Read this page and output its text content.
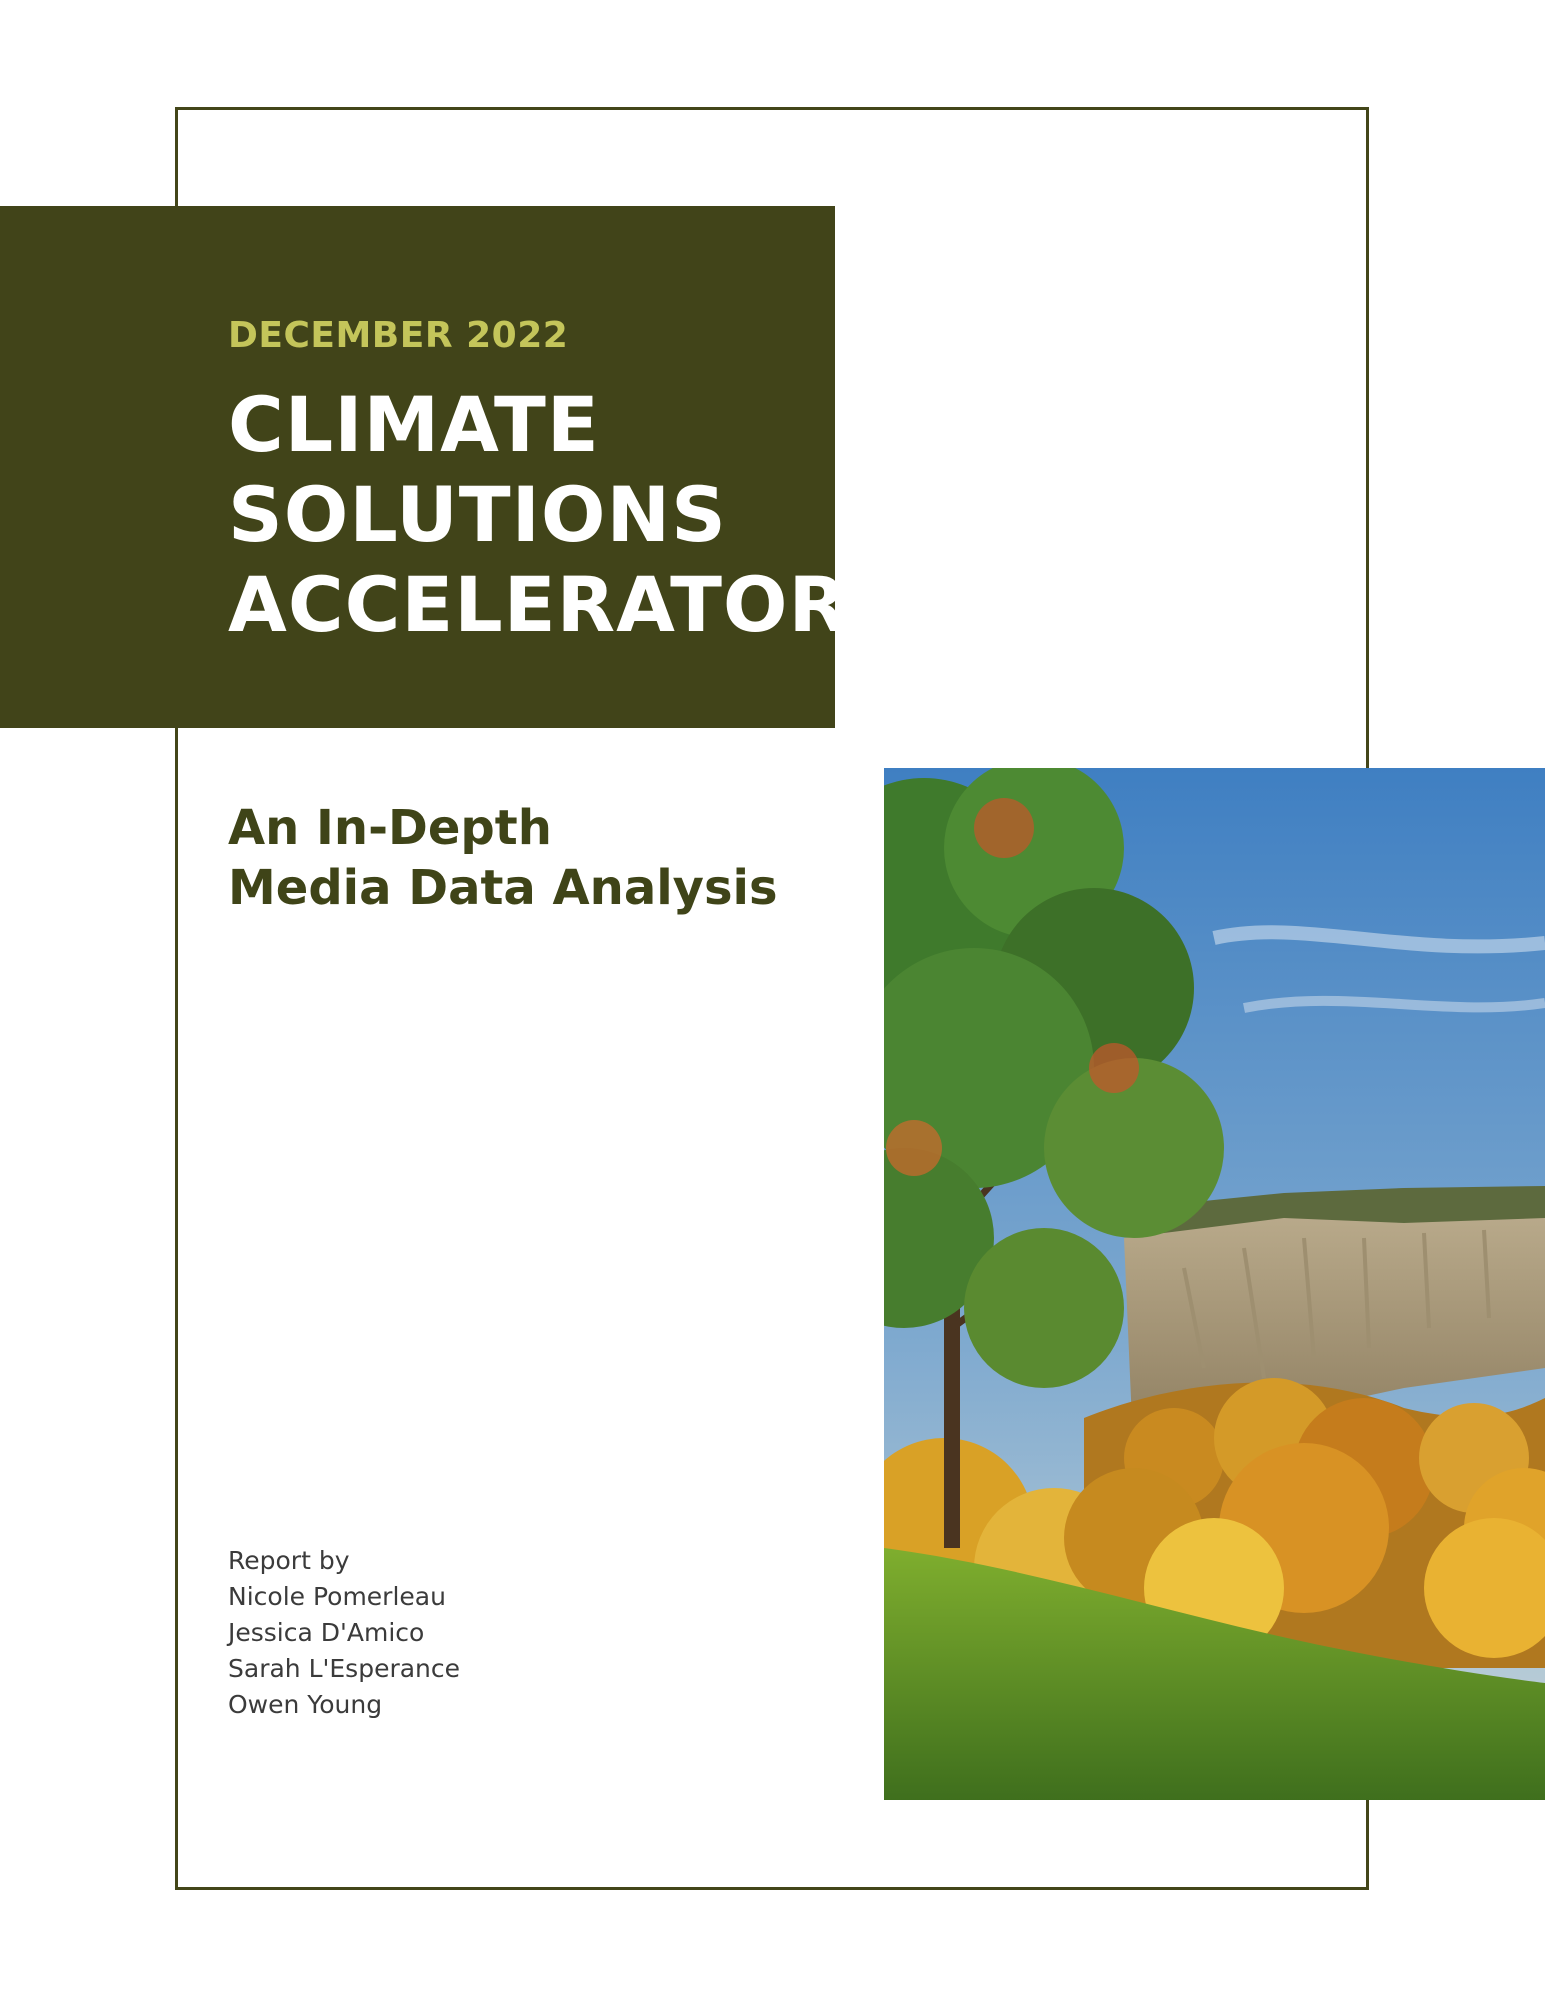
DECEMBER 2022
CLIMATE
SOLUTIONS
ACCELERATOR
An In-Depth
Media Data Analysis
Report by
Nicole Pomerleau
Jessica D'Amico
Sarah L'Esperance
Owen Young
